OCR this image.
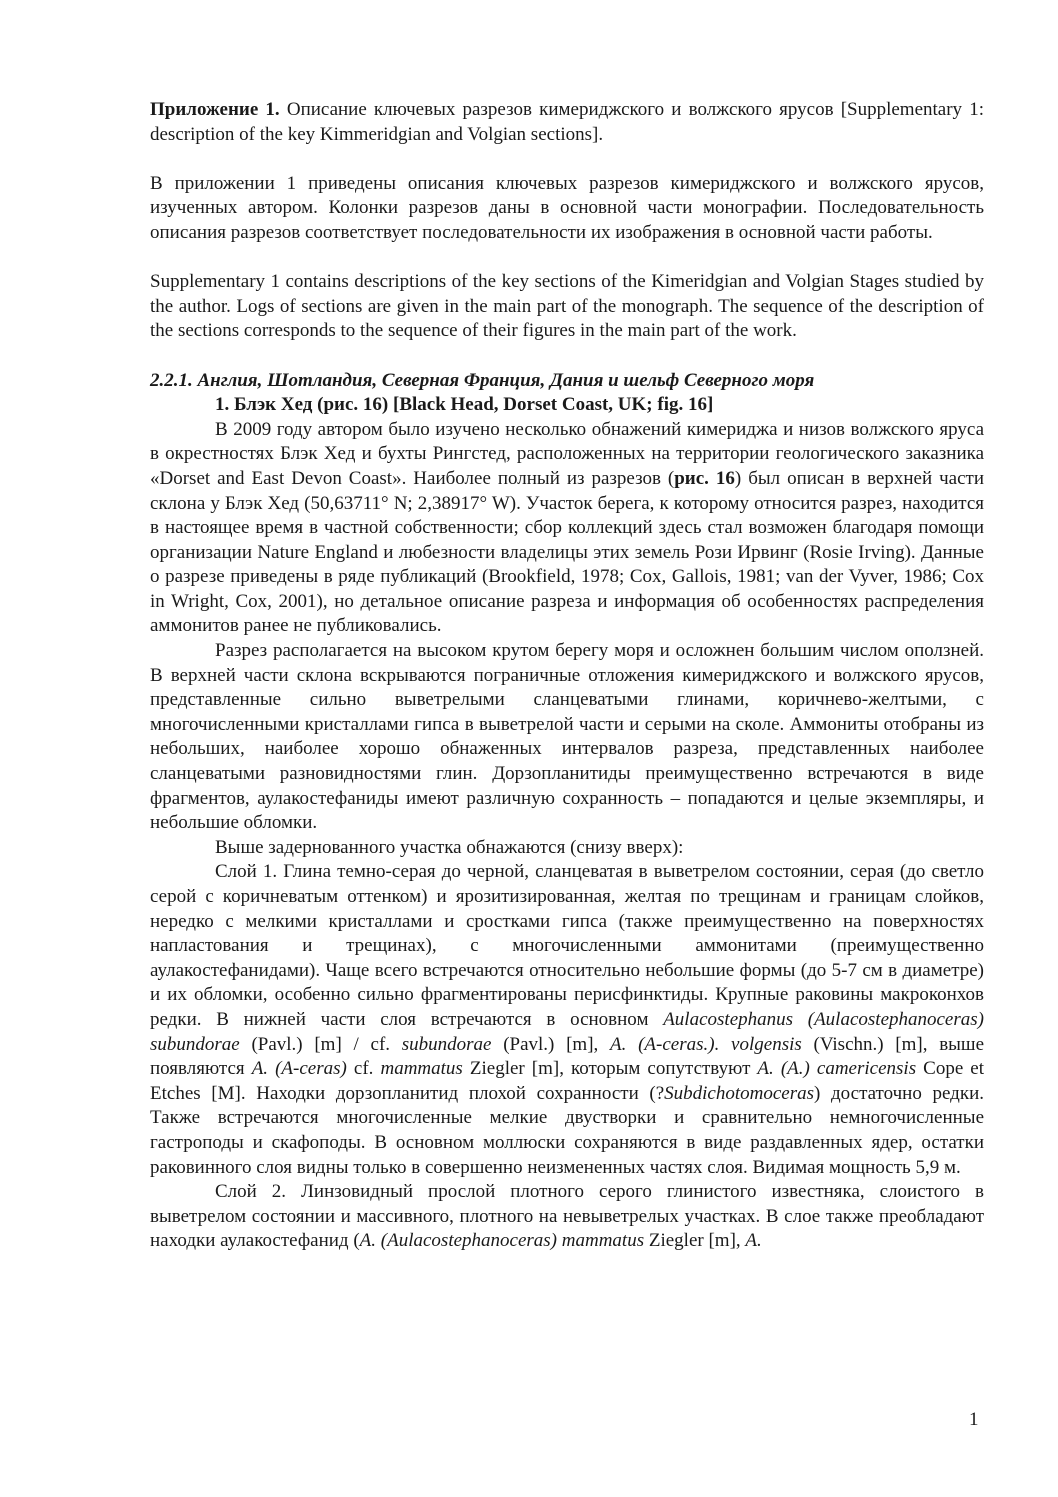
Приложение 1. Описание ключевых разрезов кимериджского и волжского ярусов [Supplementary 1: description of the key Kimmeridgian and Volgian sections].

В приложении 1 приведены описания ключевых разрезов кимериджского и волжского ярусов, изученных автором. Колонки разрезов даны в основной части монографии. Последовательность описания разрезов соответствует последовательности их изображения в основной части работы.

Supplementary 1 contains descriptions of the key sections of the Kimeridgian and Volgian Stages studied by the author. Logs of sections are given in the main part of the monograph. The sequence of the description of the sections corresponds to the sequence of their figures in the main part of the work.

2.2.1. Англия, Шотландия, Северная Франция, Дания и шельф Северного моря

1. Блэк Хед (рис. 16) [Black Head, Dorset Coast, UK; fig. 16]

В 2009 году автором было изучено несколько обнажений кимериджа и низов волжского яруса в окрестностях Блэк Хед и бухты Рингстед, расположенных на территории геологического заказника «Dorset and East Devon Coast». Наиболее полный из разрезов (рис. 16) был описан в верхней части склона у Блэк Хед (50,63711° N; 2,38917° W). Участок берега, к которому относится разрез, находится в настоящее время в частной собственности; сбор коллекций здесь стал возможен благодаря помощи организации Nature England и любезности владелицы этих земель Рози Ирвинг (Rosie Irving). Данные о разрезе приведены в ряде публикаций (Brookfield, 1978; Cox, Gallois, 1981; van der Vyver, 1986; Cox in Wright, Cox, 2001), но детальное описание разреза и информация об особенностях распределения аммонитов ранее не публиковались.

Разрез располагается на высоком крутом берегу моря и осложнен большим числом оползней. В верхней части склона вскрываются пограничные отложения кимериджского и волжского ярусов, представленные сильно выветрелыми сланцеватыми глинами, коричнево-желтыми, с многочисленными кристаллами гипса в выветрелой части и серыми на сколе. Аммониты отобраны из небольших, наиболее хорошо обнаженных интервалов разреза, представленных наиболее сланцеватыми разновидностями глин. Дорзопланитиды преимущественно встречаются в виде фрагментов, аулакостефаниды имеют различную сохранность – попадаются и целые экземпляры, и небольшие обломки.

Выше задернованного участка обнажаются (снизу вверх):

Слой 1. Глина темно-серая до черной, сланцеватая в выветрелом состоянии, серая (до светло серой с коричневатым оттенком) и ярозитизированная, желтая по трещинам и границам слойков, нередко с мелкими кристаллами и сростками гипса (также преимущественно на поверхностях напластования и трещинах), с многочисленными аммонитами (преимущественно аулакостефанидами). Чаще всего встречаются относительно небольшие формы (до 5-7 см в диаметре) и их обломки, особенно сильно фрагментированы перисфинктиды. Крупные раковины макроконхов редки. В нижней части слоя встречаются в основном Aulacostephanus (Aulacostephanoceras) subundorae (Pavl.) [m] / cf. subundorae (Pavl.) [m], A. (A-ceras.). volgensis (Vischn.) [m], выше появляются A. (A-ceras) cf. mammatus Ziegler [m], которым сопутствуют A. (A.) camericensis Cope et Etches [M]. Находки дорзопланитид плохой сохранности (?Subdichotomoceras) достаточно редки. Также встречаются многочисленные мелкие двустворки и сравнительно немногочисленные гастроподы и скафоподы. В основном моллюски сохраняются в виде раздавленных ядер, остатки раковинного слоя видны только в совершенно неизмененных частях слоя. Видимая мощность 5,9 м.

Слой 2. Линзовидный прослой плотного серого глинистого известняка, слоистого в выветрелом состоянии и массивного, плотного на невыветрелых участках. В слое также преобладают находки аулакостефанид (A. (Aulacostephanoceras) mammatus Ziegler [m], A.

1
